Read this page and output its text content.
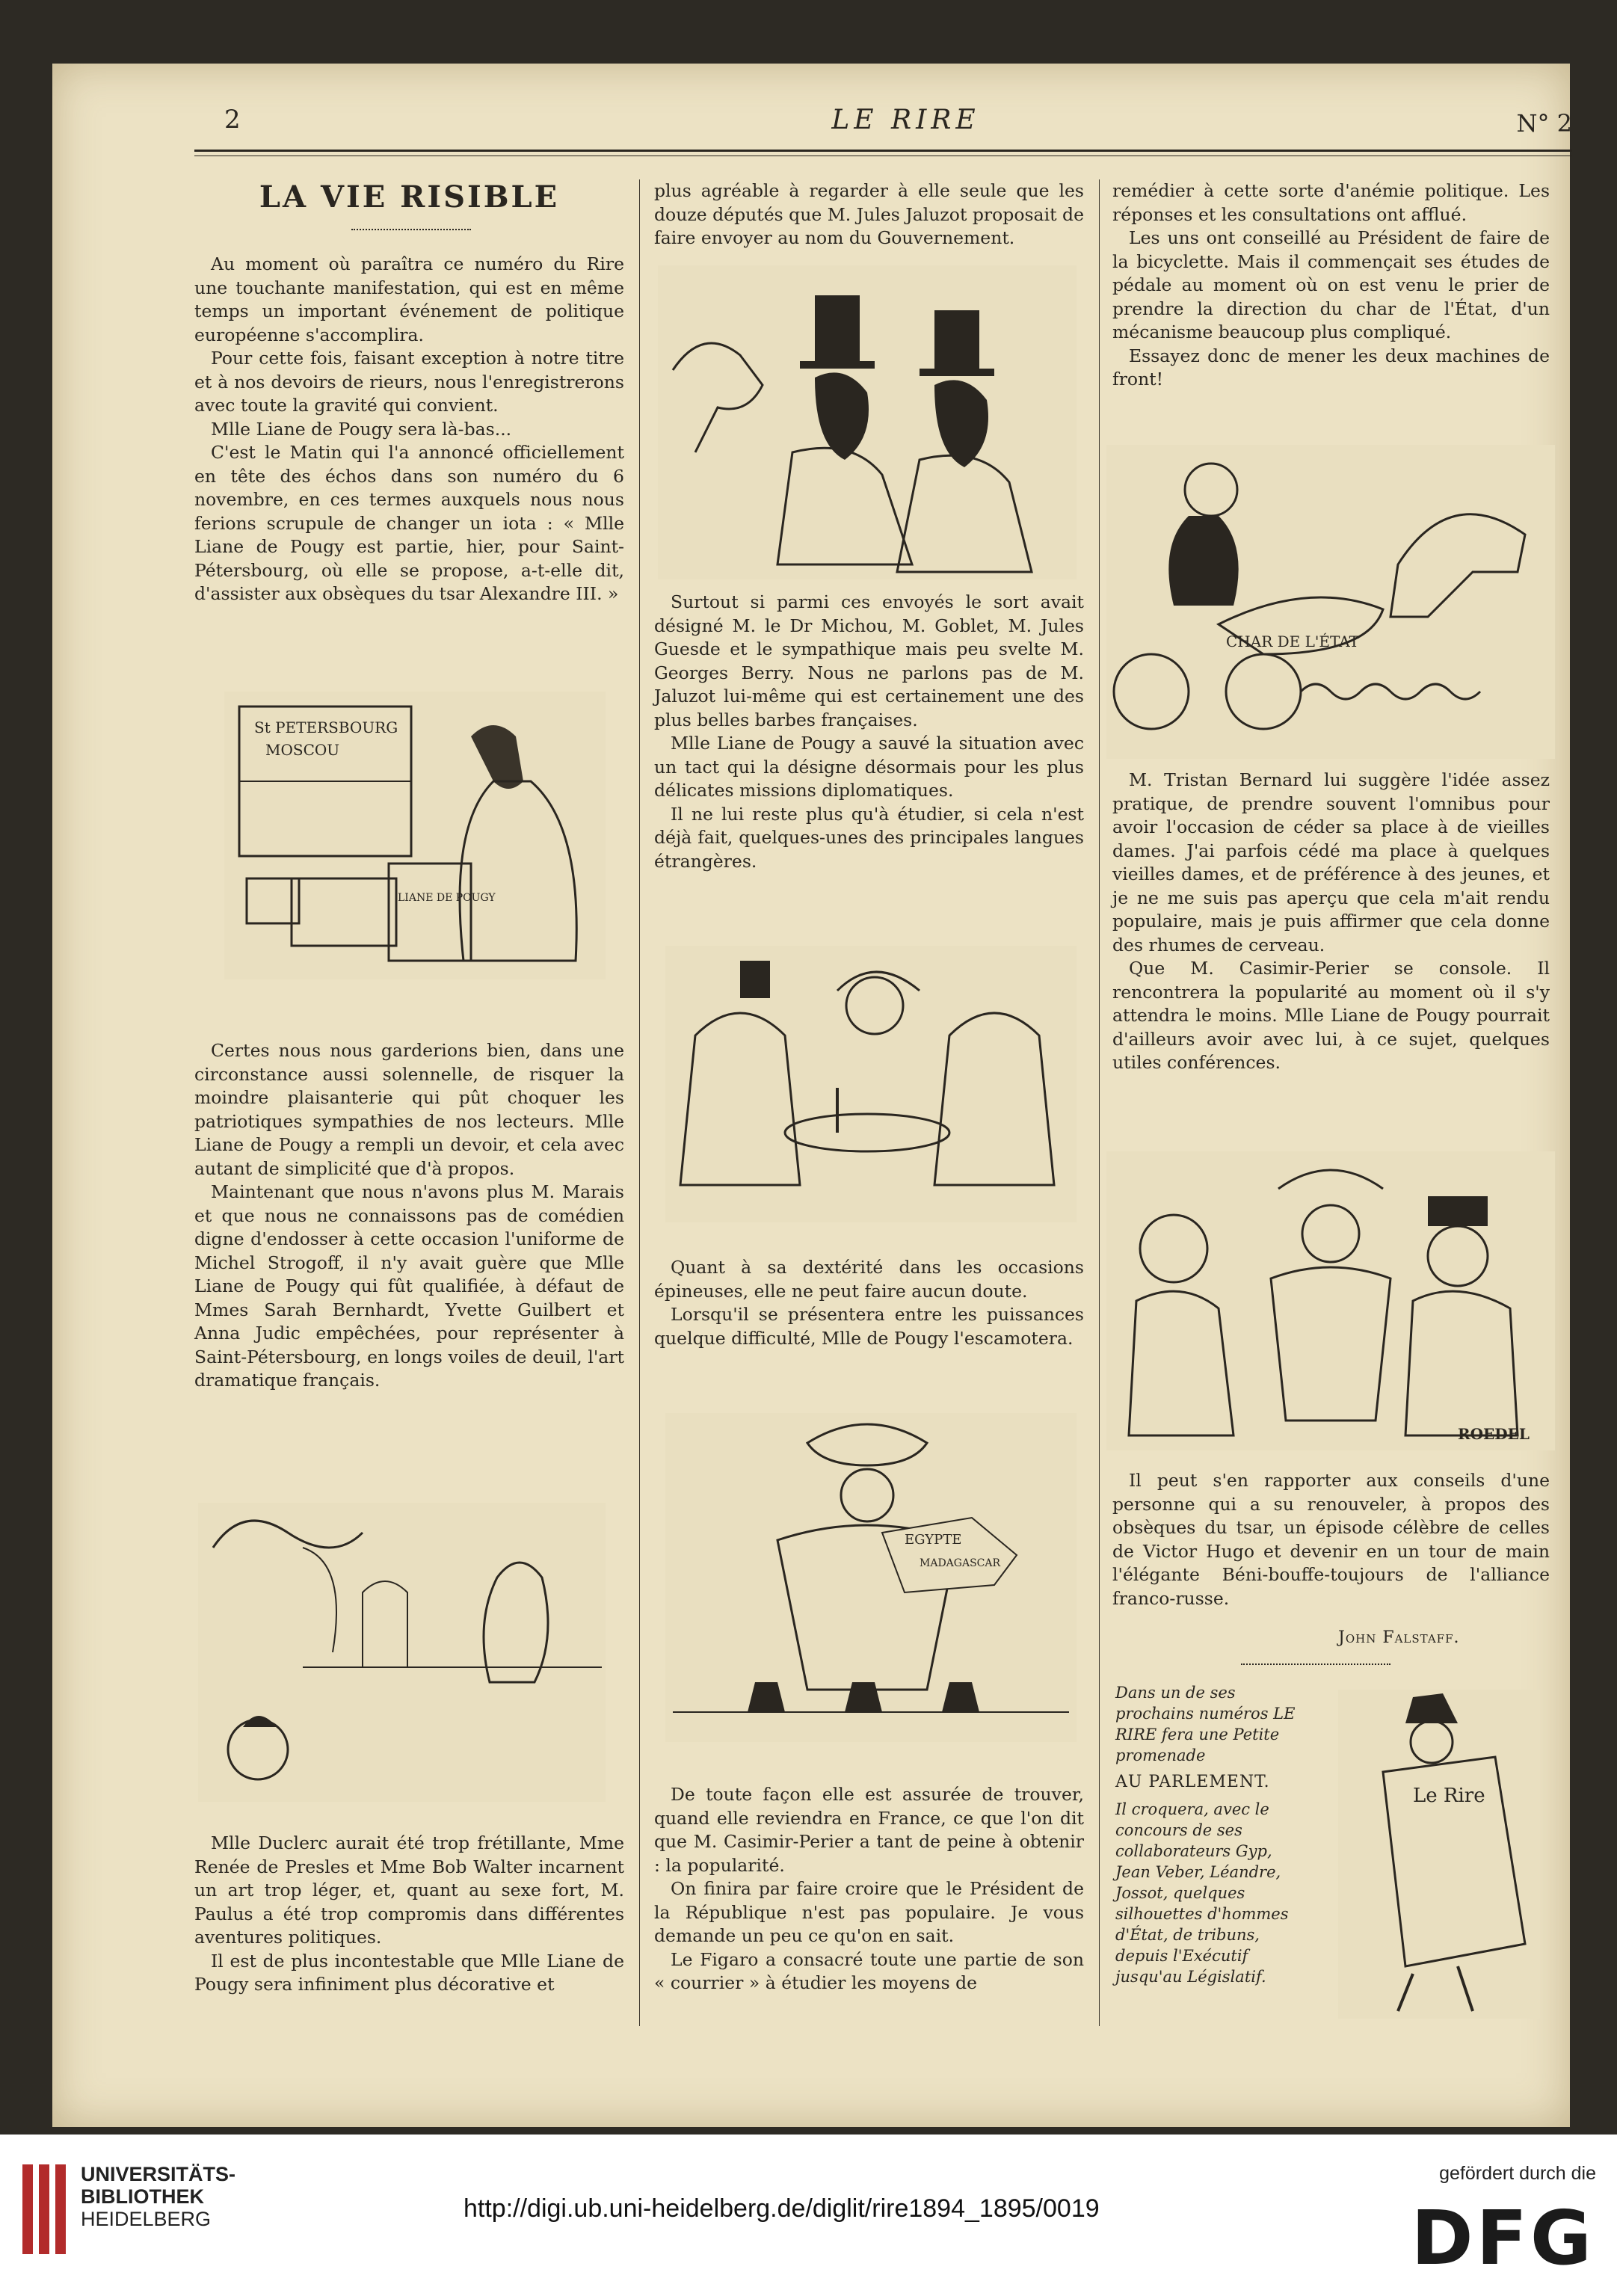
2	LE RIRE	N° 2
LA VIE RISIBLE

Au moment où paraîtra ce numéro du Rire une touchante manifestation, qui est en même temps un important événement de politique européenne s'accomplira.

Pour cette fois, faisant exception à notre titre et à nos devoirs de rieurs, nous l'enregistrerons avec toute la gravité qui convient.

Mlle Liane de Pougy sera là-bas...

C'est le Matin qui l'a annoncé officiellement en tête des échos dans son numéro du 6 novembre, en ces termes auxquels nous nous ferions scrupule de changer un iota : « Mlle Liane de Pougy est partie, hier, pour Saint-Pétersbourg, où elle se propose, a-t-elle dit, d'assister aux obsèques du tsar Alexandre III. »

St PETERSBOURG
MOSCOU
LIANE DE POUGY

Certes nous nous garderions bien, dans une circonstance aussi solennelle, de risquer la moindre plaisanterie qui pût choquer les patriotiques sympathies de nos lecteurs. Mlle Liane de Pougy a rempli un devoir, et cela avec autant de simplicité que d'à propos.

Maintenant que nous n'avons plus M. Marais et que nous ne connaissons pas de comédien digne d'endosser à cette occasion l'uniforme de Michel Strogoff, il n'y avait guère que Mlle Liane de Pougy qui fût qualifiée, à défaut de Mmes Sarah Bernhardt, Yvette Guilbert et Anna Judic empêchées, pour représenter à Saint-Pétersbourg, en longs voiles de deuil, l'art dramatique français.

Mlle Duclerc aurait été trop frétillante, Mme Renée de Presles et Mme Bob Walter incarnent un art trop léger, et, quant au sexe fort, M. Paulus a été trop compromis dans différentes aventures politiques.

Il est de plus incontestable que Mlle Liane de Pougy sera infiniment plus décorative et

plus agréable à regarder à elle seule que les douze députés que M. Jules Jaluzot proposait de faire envoyer au nom du Gouvernement.

Surtout si parmi ces envoyés le sort avait désigné M. le Dr Michou, M. Goblet, M. Jules Guesde et le sympathique mais peu svelte M. Georges Berry. Nous ne parlons pas de M. Jaluzot lui-même qui est certainement une des plus belles barbes françaises.

Mlle Liane de Pougy a sauvé la situation avec un tact qui la désigne désormais pour les plus délicates missions diplomatiques.

Il ne lui reste plus qu'à étudier, si cela n'est déjà fait, quelques-unes des principales langues étrangères.

Quant à sa dextérité dans les occasions épineuses, elle ne peut faire aucun doute.

Lorsqu'il se présentera entre les puissances quelque difficulté, Mlle de Pougy l'escamotera.

EGYPTE
MADAGASCAR

De toute façon elle est assurée de trouver, quand elle reviendra en France, ce que l'on dit que M. Casimir-Perier a tant de peine à obtenir : la popularité.

On finira par faire croire que le Président de la République n'est pas populaire. Je vous demande un peu ce qu'on en sait.

Le Figaro a consacré toute une partie de son « courrier » à étudier les moyens de

remédier à cette sorte d'anémie politique. Les réponses et les consultations ont afflué.

Les uns ont conseillé au Président de faire de la bicyclette. Mais il commençait ses études de pédale au moment où on est venu le prier de prendre la direction du char de l'État, d'un mécanisme beaucoup plus compliqué.

Essayez donc de mener les deux machines de front!

CHAR DE L'ÉTAT

M. Tristan Bernard lui suggère l'idée assez pratique, de prendre souvent l'omnibus pour avoir l'occasion de céder sa place à de vieilles dames. J'ai parfois cédé ma place à quelques vieilles dames, et de préférence à des jeunes, et je ne me suis pas aperçu que cela m'ait rendu populaire, mais je puis affirmer que cela donne des rhumes de cerveau.

Que M. Casimir-Perier se console. Il rencontrera la popularité au moment où il s'y attendra le moins. Mlle Liane de Pougy pourrait d'ailleurs avoir avec lui, à ce sujet, quelques utiles conférences.

ROEDEL

Il peut s'en rapporter aux conseils d'une personne qui a su renouveler, à propos des obsèques du tsar, un épisode célèbre de celles de Victor Hugo et devenir en un tour de main l'élégante Béni-bouffe-toujours de l'alliance franco-russe.

John Falstaff.
Dans un de ses prochains numéros LE RIRE fera une Petite promenade
AU PARLEMENT.
Il croquera, avec le concours de ses collaborateurs Gyp, Jean Veber, Léandre, Jossot, quelques silhouettes d'hommes d'État, de tribuns, depuis l'Exécutif jusqu'au Législatif.
Le Rire
UNIVERSITÄTS-
BIBLIOTHEK
HEIDELBERG	http://digi.ub.uni-heidelberg.de/diglit/rire1894_1895/0019
gefördert durch die
DFG
